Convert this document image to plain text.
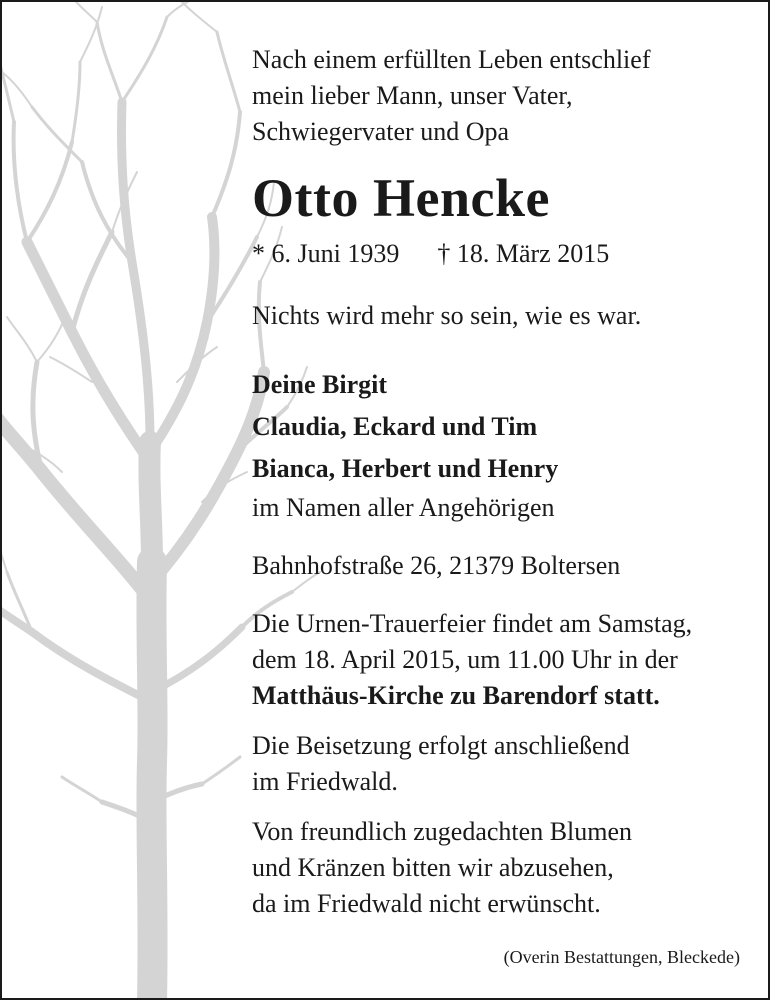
Nach einem erfüllten Leben entschlief
mein lieber Mann, unser Vater,
Schwiegervater und Opa
Otto Hencke
* 6. Juni 1939 † 18. März 2015
Nichts wird mehr so sein, wie es war.
Deine Birgit
Claudia, Eckard und Tim
Bianca, Herbert und Henry
im Namen aller Angehörigen
Bahnhofstraße 26, 21379 Boltersen
Die Urnen-Trauerfeier findet am Samstag,
dem 18. April 2015, um 11.00 Uhr in der
Matthäus-Kirche zu Barendorf statt.
Die Beisetzung erfolgt anschließend
im Friedwald.
Von freundlich zugedachten Blumen
und Kränzen bitten wir abzusehen,
da im Friedwald nicht erwünscht.
(Overin Bestattungen, Bleckede)
